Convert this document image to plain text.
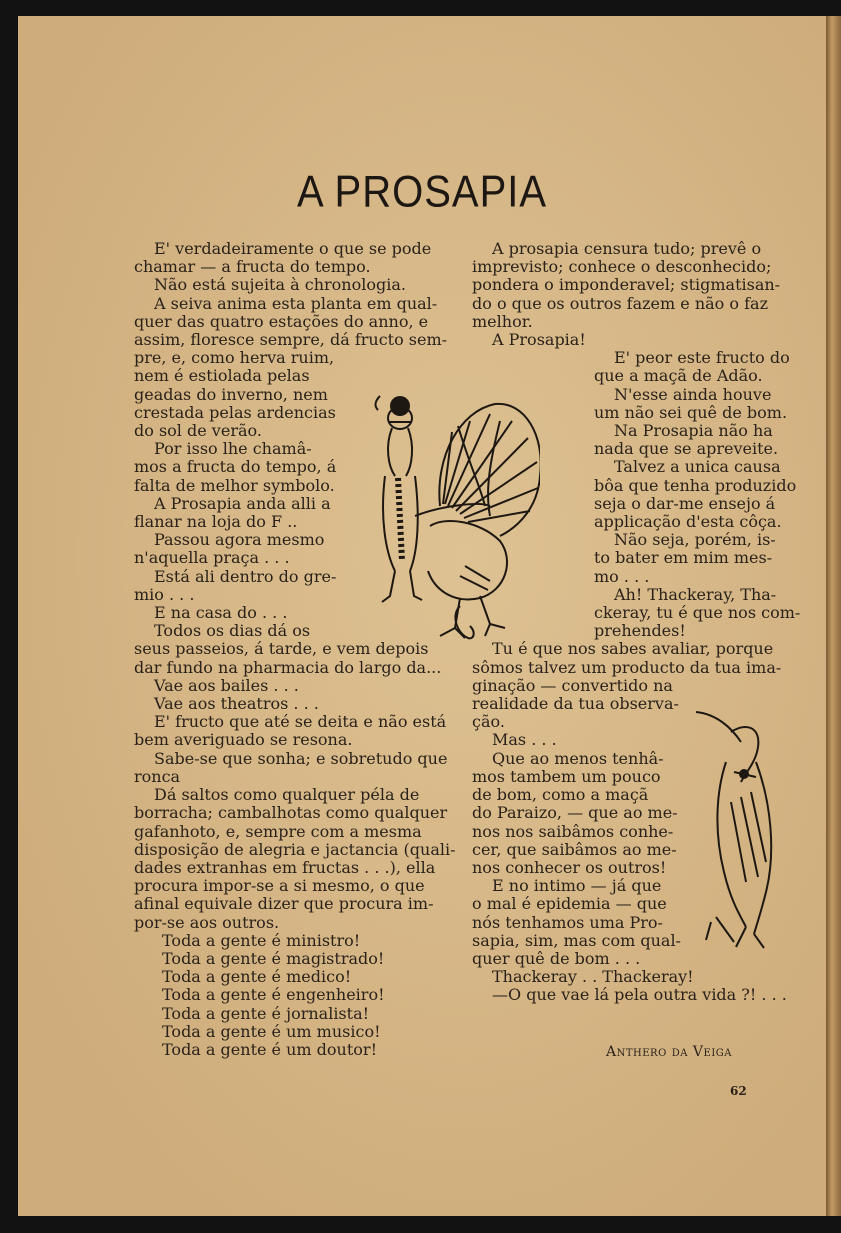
A PROSAPIA
E' verdadeiramente o que se pode
chamar — a fructa do tempo.
Não está sujeita à chronologia.
A seiva anima esta planta em qual-
quer das quatro estações do anno, e
assim, floresce sempre, dá fructo sem-
pre, e, como herva ruim,
nem é estiolada pelas
geadas do inverno, nem
crestada pelas ardencias
do sol de verão.
Por isso lhe chamâ-
mos a fructa do tempo, á
falta de melhor symbolo.
A Prosapia anda alli a
flanar na loja do F ..
Passou agora mesmo
n'aquella praça . . .
Está ali dentro do gre-
mio . . .
E na casa do . . .
Todos os dias dá os
seus passeios, á tarde, e vem depois
dar fundo na pharmacia do largo da...
Vae aos bailes . . .
Vae aos theatros . . .
E' fructo que até se deita e não está
bem averiguado se resona.
Sabe-se que sonha; e sobretudo que
ronca
Dá saltos como qualquer péla de
borracha; cambalhotas como qualquer
gafanhoto, e, sempre com a mesma
disposição de alegria e jactancia (quali-
dades extranhas em fructas . . .), ella
procura impor-se a si mesmo, o que
afinal equivale dizer que procura im-
por-se aos outros.
Toda a gente é ministro!
Toda a gente é magistrado!
Toda a gente é medico!
Toda a gente é engenheiro!
Toda a gente é jornalista!
Toda a gente é um musico!
Toda a gente é um doutor!
A prosapia censura tudo; prevê o
imprevisto; conhece o desconhecido;
pondera o imponderavel; stigmatisan-
do o que os outros fazem e não o faz
melhor.
A Prosapia!
E' peor este fructo do
que a maçã de Adão.
N'esse ainda houve
um não sei quê de bom.
Na Prosapia não ha
nada que se apreveite.
Talvez a unica causa
bôa que tenha produzido
seja o dar-me ensejo á
applicação d'esta côça.
Não seja, porém, is-
to bater em mim mes-
mo . . .
Ah! Thackeray, Tha-
ckeray, tu é que nos com-
prehendes!
Tu é que nos sabes avaliar, porque
sômos talvez um producto da tua ima-
ginação — convertido na
realidade da tua observa-
ção.
Mas . . .
Que ao menos tenhâ-
mos tambem um pouco
de bom, como a maçã
do Paraizo, — que ao me-
nos nos saibâmos conhe-
cer, que saibâmos ao me-
nos conhecer os outros!
E no intimo — já que
o mal é epidemia — que
nós tenhamos uma Pro-
sapia, sim, mas com qual-
quer quê de bom . . .
Thackeray . . Thackeray!
—O que vae lá pela outra vida ?! . . .
Anthero da Veiga
62
